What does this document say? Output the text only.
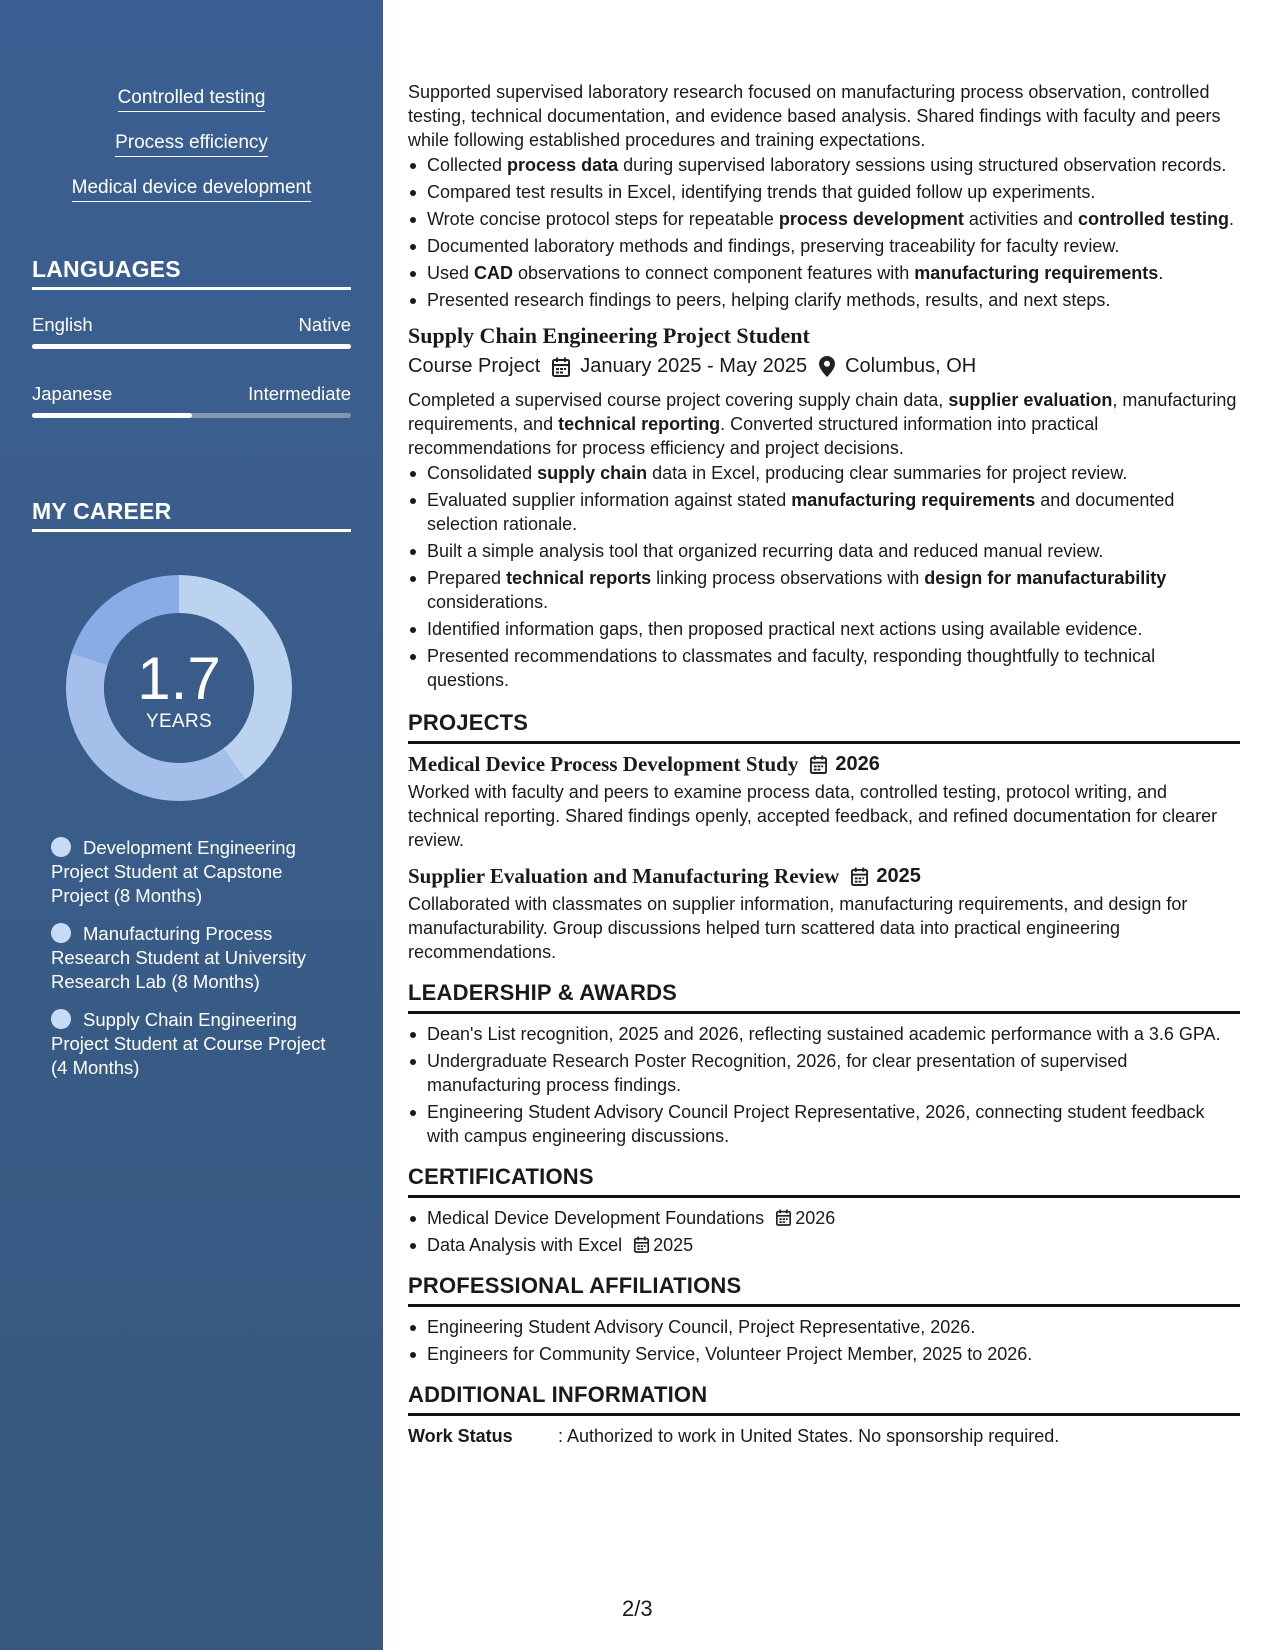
Controlled testing
Process efficiency
Medical device development
LANGUAGES
English	Native
Japanese	Intermediate
MY CAREER
1.7
YEARS
Development Engineering Project Student at Capstone Project (8 Months)
Manufacturing Process Research Student at University Research Lab (8 Months)
Supply Chain Engineering Project Student at Course Project (4 Months)

Supported supervised laboratory research focused on manufacturing process observation, controlled testing, technical documentation, and evidence based analysis. Shared findings with faculty and peers while following established procedures and training expectations.

Collected process data during supervised laboratory sessions using structured observation records.
Compared test results in Excel, identifying trends that guided follow up experiments.
Wrote concise protocol steps for repeatable process development activities and controlled testing.
Documented laboratory methods and findings, preserving traceability for faculty review.
Used CAD observations to connect component features with manufacturing requirements.
Presented research findings to peers, helping clarify methods, results, and next steps.
Supply Chain Engineering Project Student
Course Project January 2025 - May 2025 Columbus, OH

Completed a supervised course project covering supply chain data, supplier evaluation, manufacturing requirements, and technical reporting. Converted structured information into practical recommendations for process efficiency and project decisions.

Consolidated supply chain data in Excel, producing clear summaries for project review.
Evaluated supplier information against stated manufacturing requirements and documented selection rationale.
Built a simple analysis tool that organized recurring data and reduced manual review.
Prepared technical reports linking process observations with design for manufacturability considerations.
Identified information gaps, then proposed practical next actions using available evidence.
Presented recommendations to classmates and faculty, responding thoughtfully to technical questions.
PROJECTS
Medical Device Process Development Study 2026

Worked with faculty and peers to examine process data, controlled testing, protocol writing, and technical reporting. Shared findings openly, accepted feedback, and refined documentation for clearer review.

Supplier Evaluation and Manufacturing Review 2025

Collaborated with classmates on supplier information, manufacturing requirements, and design for manufacturability. Group discussions helped turn scattered data into practical engineering recommendations.

LEADERSHIP & AWARDS
Dean's List recognition, 2025 and 2026, reflecting sustained academic performance with a 3.6 GPA.
Undergraduate Research Poster Recognition, 2026, for clear presentation of supervised manufacturing process findings.
Engineering Student Advisory Council Project Representative, 2026, connecting student feedback with campus engineering discussions.
CERTIFICATIONS
Medical Device Development Foundations 2026
Data Analysis with Excel 2025
PROFESSIONAL AFFILIATIONS
Engineering Student Advisory Council, Project Representative, 2026.
Engineers for Community Service, Volunteer Project Member, 2025 to 2026.
ADDITIONAL INFORMATION
Work Status	: Authorized to work in United States. No sponsorship required.
2/3
